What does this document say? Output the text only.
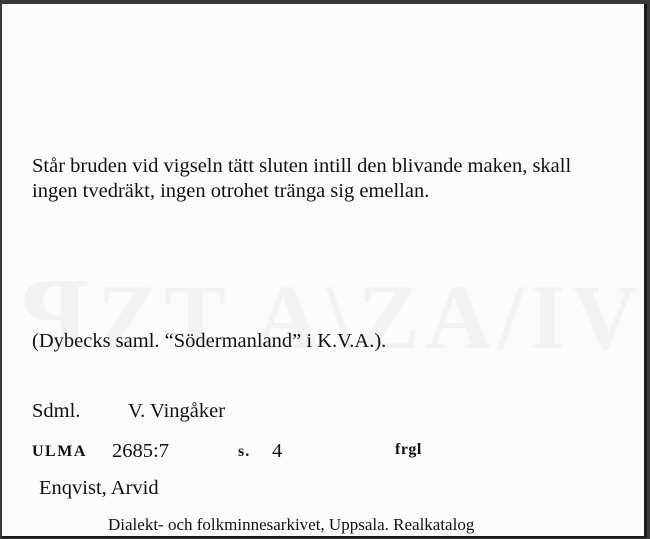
Står bruden vid vigseln tätt sluten intill den blivande maken, skall ingen tvedräkt, ingen otrohet tränga sig emellan.
(Dybecks saml. “Södermanland” i K.V.A.).
Sdml. V. Vingåker
ULMA 2685:7	s. 4	frgl
Enqvist, Arvid
Dialekt- och folkminnesarkivet, Uppsala. Realkatalog
